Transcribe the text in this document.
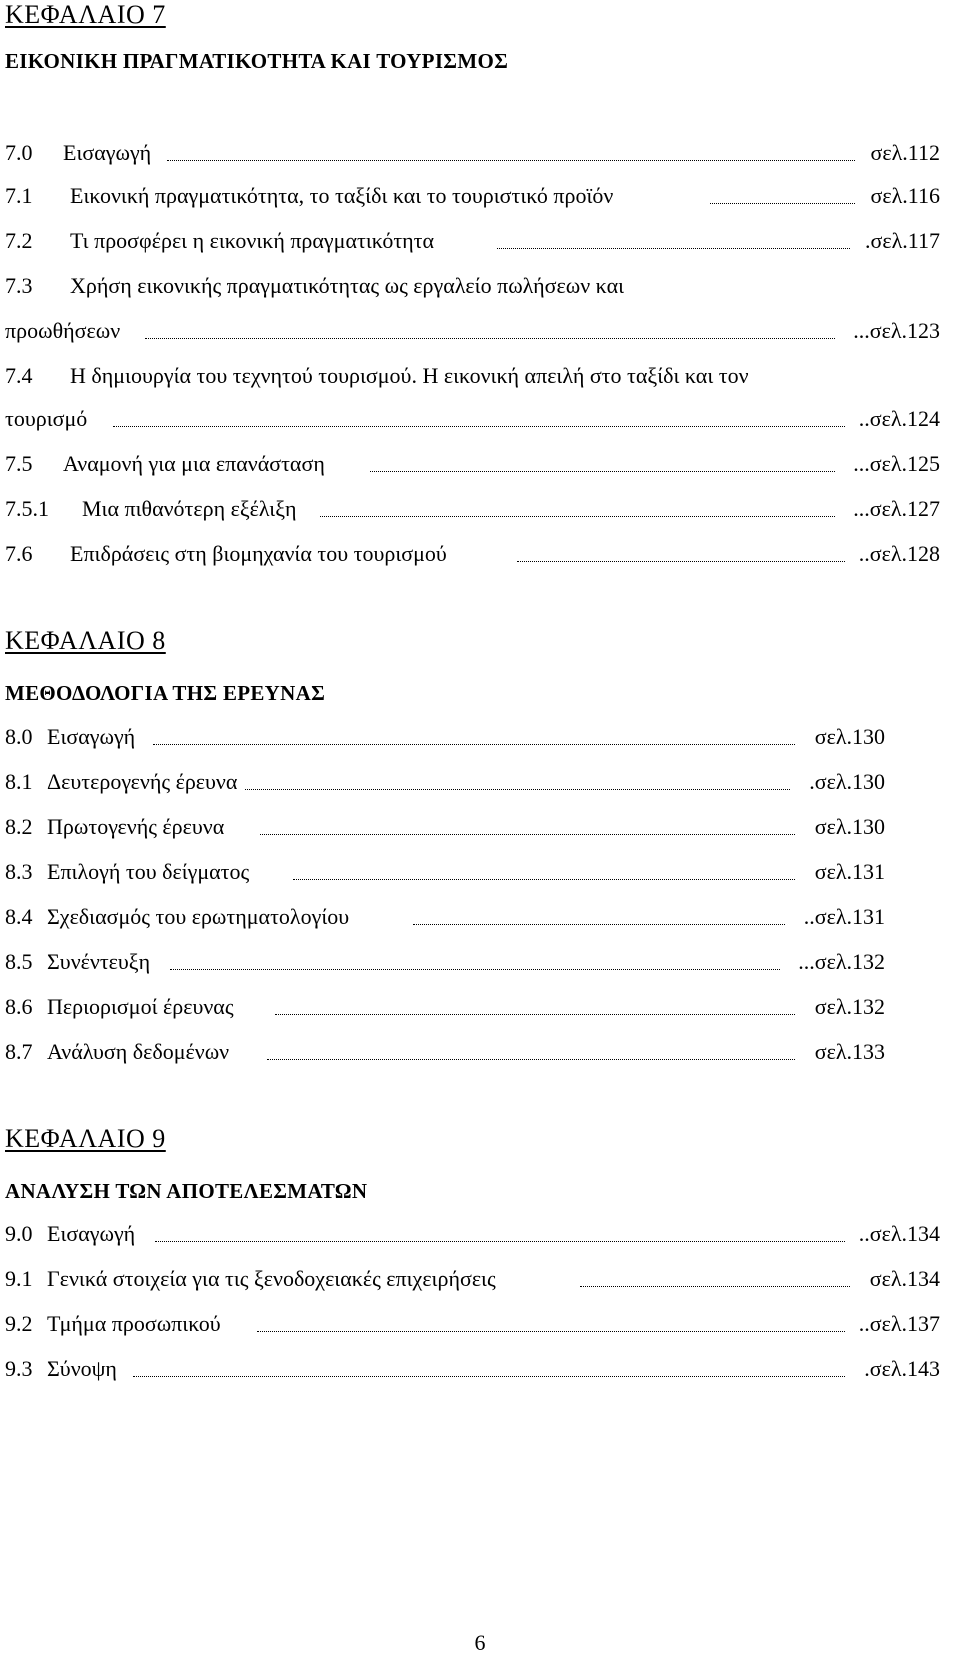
ΚΕΦΑΛΑΙΟ 7
ΕΙΚΟΝΙΚΗ ΠΡΑΓΜΑΤΙΚΟΤΗΤΑ ΚΑΙ ΤΟΥΡΙΣΜΟΣ
7.0 Εισαγωγή	σελ.112
7.1 Εικονική πραγματικότητα, το ταξίδι και το τουριστικό προϊόν	σελ.116
7.2 Τι προσφέρει η εικονική πραγματικότητα	.σελ.117
7.3 Χρήση εικονικής πραγματικότητας ως εργαλείο πωλήσεων και
προωθήσεων	...σελ.123
7.4 Η δημιουργία του τεχνητού τουρισμού. Η εικονική απειλή στο ταξίδι και τον
τουρισμό	..σελ.124
7.5 Αναμονή για μια επανάσταση	...σελ.125
7.5.1 Μια πιθανότερη εξέλιξη	...σελ.127
7.6 Επιδράσεις στη βιομηχανία του τουρισμού	..σελ.128
ΚΕΦΑΛΑΙΟ 8
ΜΕΘΟΔΟΛΟΓΙΑ ΤΗΣ ΕΡΕΥΝΑΣ
8.0 Εισαγωγή	σελ.130
8.1 Δευτερογενής έρευνα	.σελ.130
8.2 Πρωτογενής έρευνα	σελ.130
8.3 Επιλογή του δείγματος	σελ.131
8.4 Σχεδιασμός του ερωτηματολογίου	..σελ.131
8.5 Συνέντευξη	...σελ.132
8.6 Περιορισμοί έρευνας	σελ.132
8.7 Ανάλυση δεδομένων	σελ.133
ΚΕΦΑΛΑΙΟ 9
ΑΝΑΛΥΣΗ ΤΩΝ ΑΠΟΤΕΛΕΣΜΑΤΩΝ
9.0 Εισαγωγή	..σελ.134
9.1 Γενικά στοιχεία για τις ξενοδοχειακές επιχειρήσεις	σελ.134
9.2 Τμήμα προσωπικού	..σελ.137
9.3 Σύνοψη	.σελ.143
6
